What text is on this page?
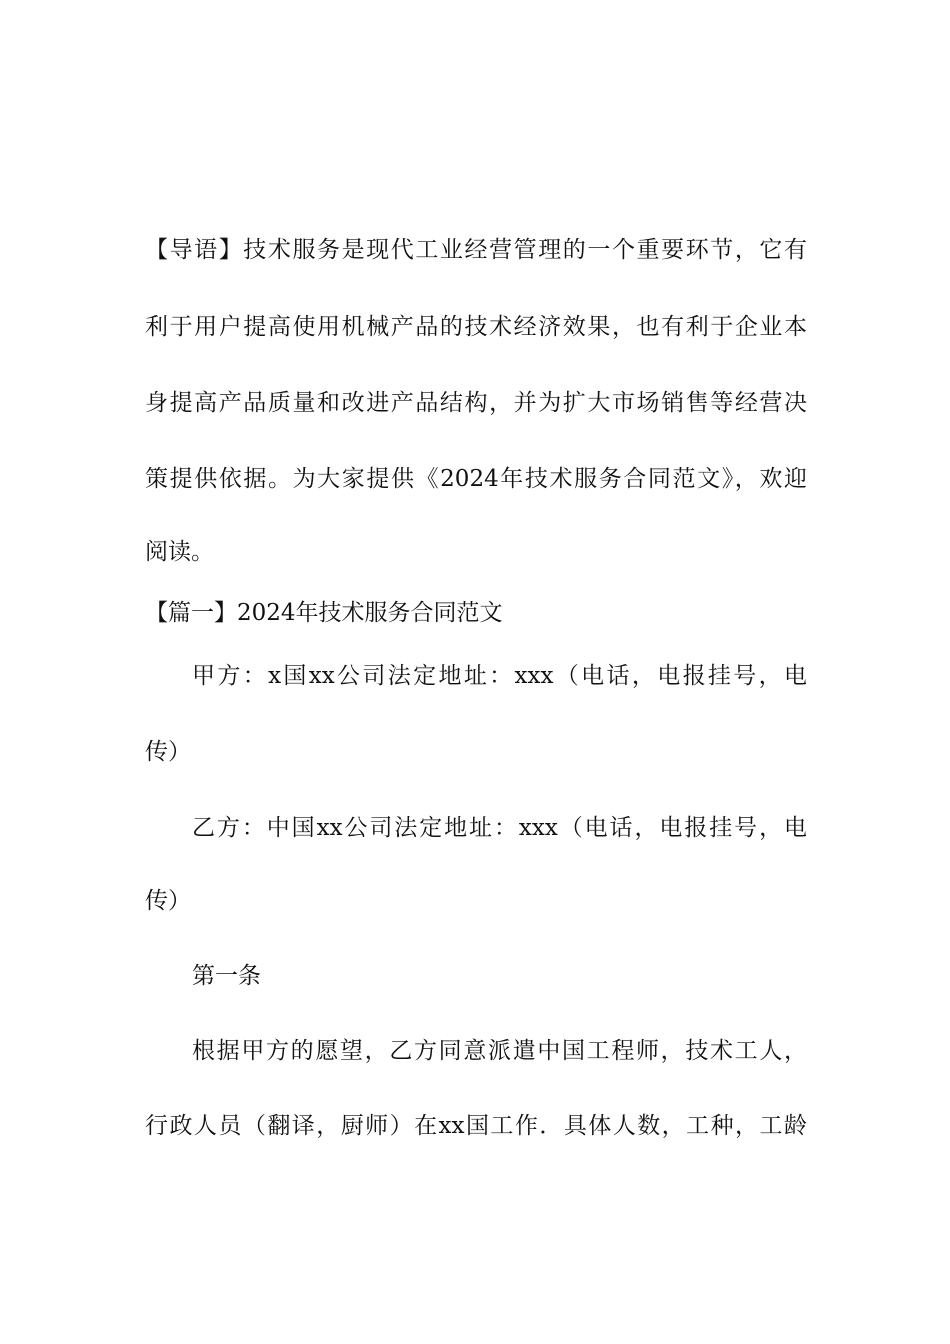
【导语】技术服务是现代工业经营管理的一个重要环节，它有
利于用户提高使用机械产品的技术经济效果，也有利于企业本
身提高产品质量和改进产品结构，并为扩大市场销售等经营决
策提供依据。为大家提供《2024年技术服务合同范文》，欢迎
阅读。
【篇一】2024年技术服务合同范文
甲方：x国xx公司法定地址：xxx（电话，电报挂号，电
传）
乙方：中国xx公司法定地址：xxx（电话，电报挂号，电
传）
第一条
根据甲方的愿望，乙方同意派遣中国工程师，技术工人，
行政人员（翻译，厨师）在xx国工作．具体人数，工种，工龄
